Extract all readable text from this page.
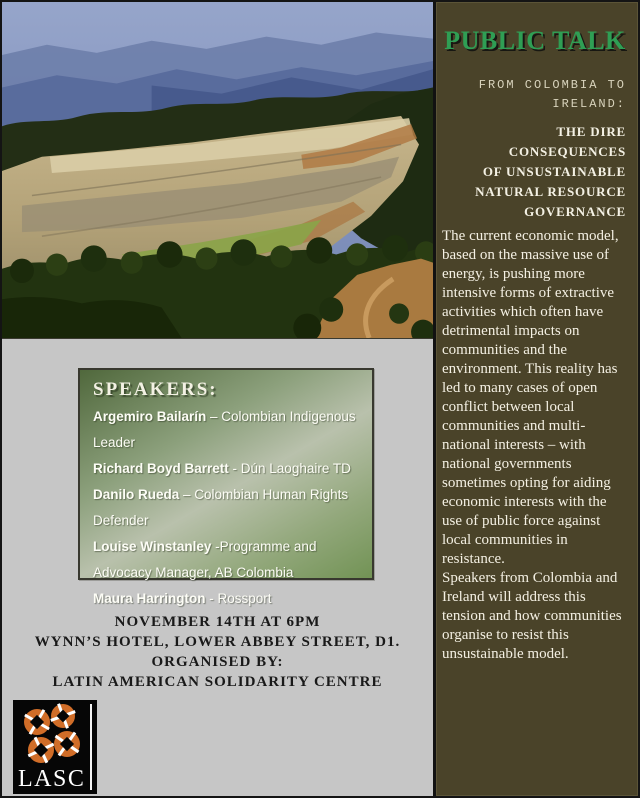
SPEAKERS:
Argemiro Bailarín – Colombian Indigenous Leader
Richard Boyd Barrett - Dún Laoghaire TD
Danilo Rueda – Colombian Human Rights Defender
Louise Winstanley -Programme and Advocacy Manager, AB Colombia
Maura Harrington - Rossport
NOVEMBER 14TH AT 6PM
WYNN’S HOTEL, LOWER ABBEY STREET, D1.
ORGANISED BY:
LATIN AMERICAN SOLIDARITY CENTRE
LASC
PUBLIC TALK
FROM COLOMBIA TO IRELAND:
THE DIRE CONSEQUENCES
OF UNSUSTAINABLE
NATURAL RESOURCE
GOVERNANCE

The current economic model, based on the massive use of energy, is pushing more intensive forms of extractive activities which often have detrimental impacts on communities and the environment. This reality has led to many cases of open conflict between local communities and multi-national interests – with national governments sometimes opting for aiding economic interests with the use of public force against local communities in resistance.

Speakers from Colombia and Ireland will address this tension and how communities organise to resist this unsustainable model.
